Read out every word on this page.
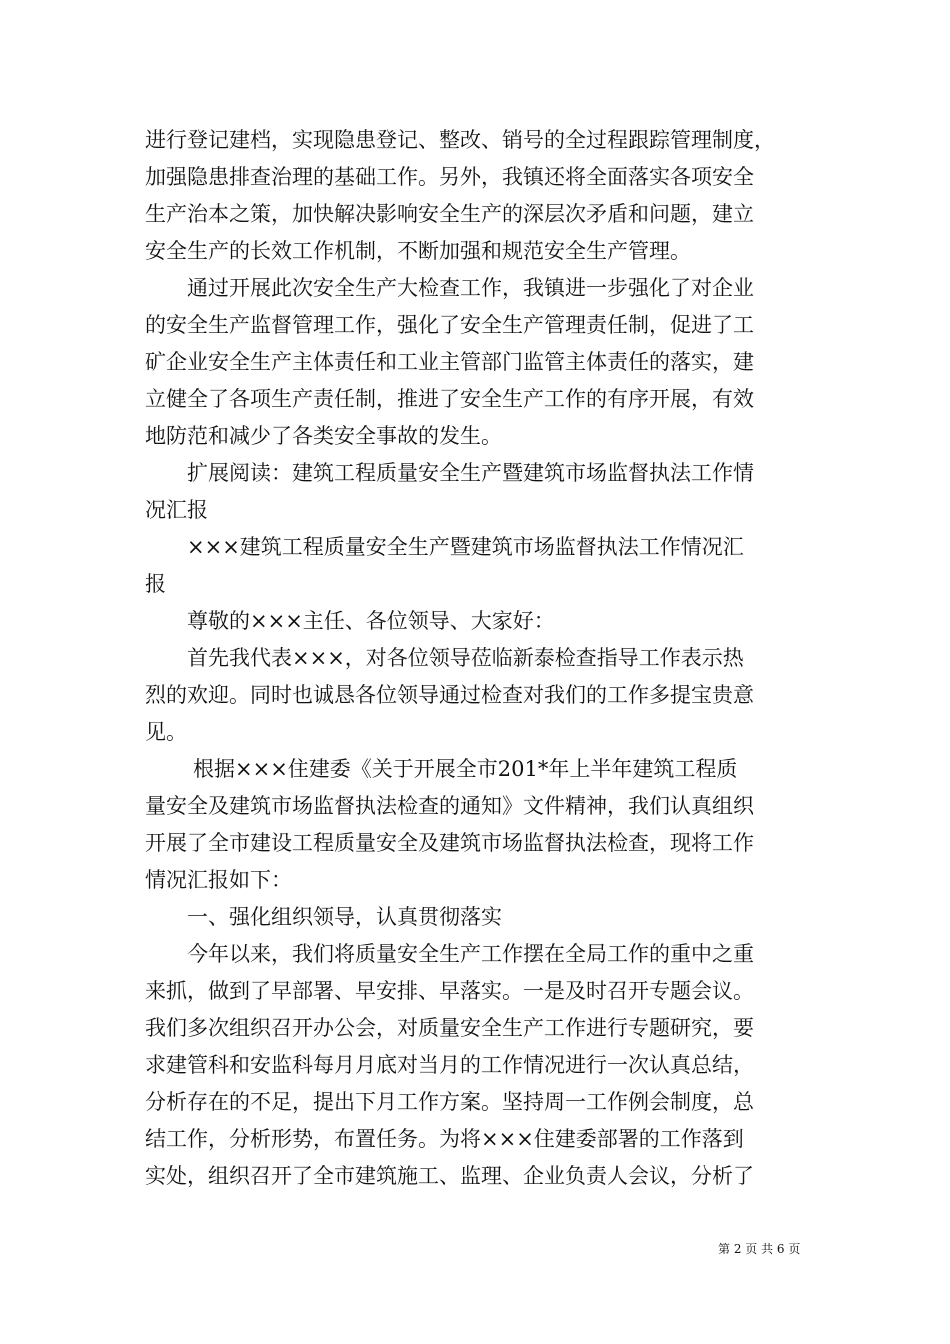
进行登记建档，实现隐患登记、整改、销号的全过程跟踪管理制度，
加强隐患排查治理的基础工作。另外，我镇还将全面落实各项安全
生产治本之策，加快解决影响安全生产的深层次矛盾和问题，建立
安全生产的长效工作机制，不断加强和规范安全生产管理。
通过开展此次安全生产大检查工作，我镇进一步强化了对企业
的安全生产监督管理工作，强化了安全生产管理责任制，促进了工
矿企业安全生产主体责任和工业主管部门监管主体责任的落实，建
立健全了各项生产责任制，推进了安全生产工作的有序开展，有效
地防范和减少了各类安全事故的发生。
扩展阅读：建筑工程质量安全生产暨建筑市场监督执法工作情
况汇报
×××建筑工程质量安全生产暨建筑市场监督执法工作情况汇
报
尊敬的×××主任、各位领导、大家好：
首先我代表×××，对各位领导莅临新泰检查指导工作表示热
烈的欢迎。同时也诚恳各位领导通过检查对我们的工作多提宝贵意
见。
根据×××住建委《关于开展全市201*年上半年建筑工程质
量安全及建筑市场监督执法检查的通知》文件精神，我们认真组织
开展了全市建设工程质量安全及建筑市场监督执法检查，现将工作
情况汇报如下：
一、强化组织领导，认真贯彻落实
今年以来，我们将质量安全生产工作摆在全局工作的重中之重
来抓，做到了早部署、早安排、早落实。一是及时召开专题会议。
我们多次组织召开办公会，对质量安全生产工作进行专题研究，要
求建管科和安监科每月月底对当月的工作情况进行一次认真总结，
分析存在的不足，提出下月工作方案。坚持周一工作例会制度，总
结工作，分析形势，布置任务。为将×××住建委部署的工作落到
实处，组织召开了全市建筑施工、监理、企业负责人会议，分析了
第 2 页 共 6 页
